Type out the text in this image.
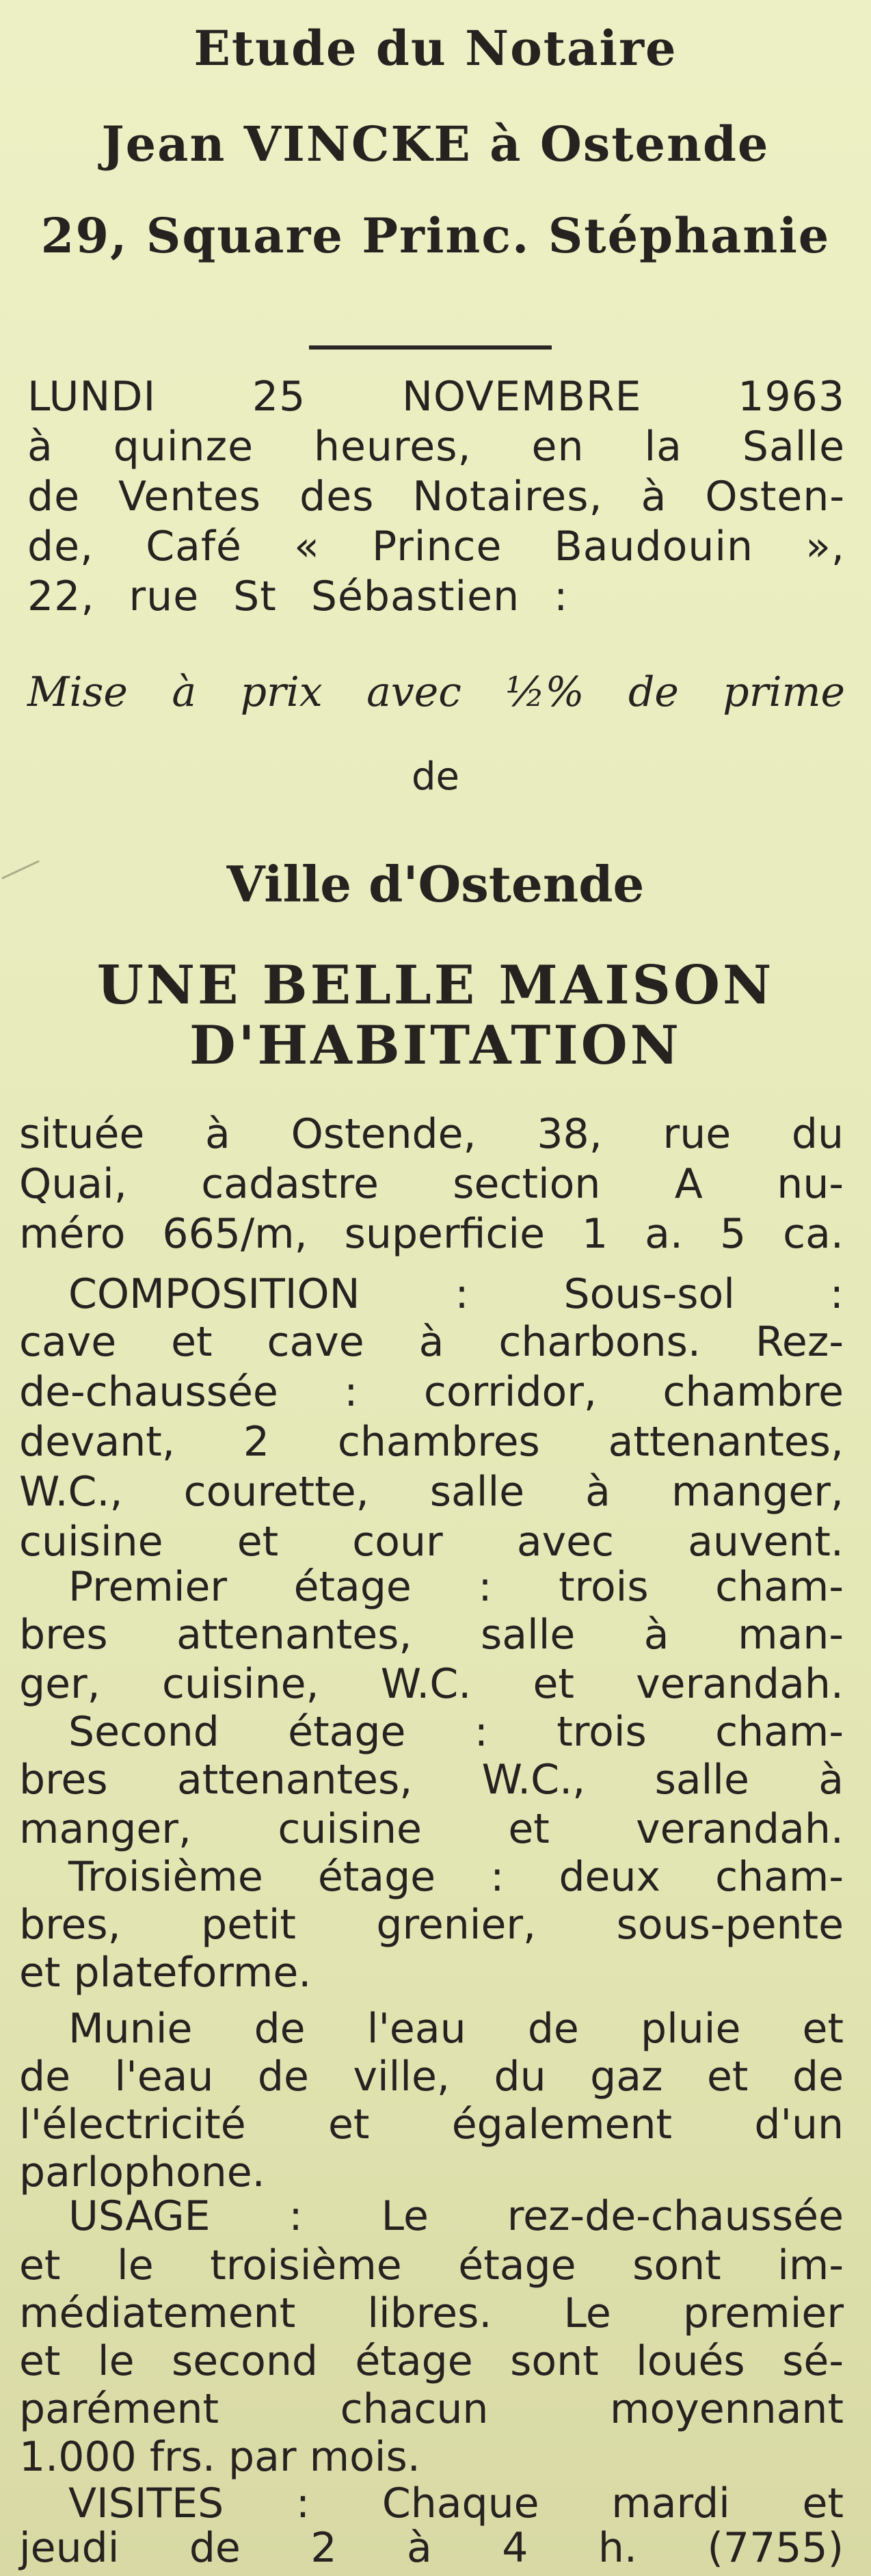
Etude du Notaire

Jean VINCKE à Ostende

29, Square Princ. Stéphanie

LUNDI 25 NOVEMBRE 1963

à quinze heures, en la Salle

de Ventes des Notaires, à Osten-

de, Café « Prince Baudouin »,

22, rue St Sébastien :

Mise à prix avec ½% de prime

de

Ville d'Ostende

UNE BELLE MAISON

D'HABITATION

située à Ostende, 38, rue du

Quai, cadastre section A nu-

méro 665/m, superficie 1 a. 5 ca.

COMPOSITION : Sous-sol :

cave et cave à charbons. Rez-

de-chaussée : corridor, chambre

devant, 2 chambres attenantes,

W.C., courette, salle à manger,

cuisine et cour avec auvent.

Premier étage : trois cham-

bres attenantes, salle à man-

ger, cuisine, W.C. et verandah.

Second étage : trois cham-

bres attenantes, W.C., salle à

manger, cuisine et verandah.

Troisième étage : deux cham-

bres, petit grenier, sous-pente

et plateforme.

Munie de l'eau de pluie et

de l'eau de ville, du gaz et de

l'électricité et également d'un

parlophone.

USAGE : Le rez-de-chaussée

et le troisième étage sont im-

médiatement libres. Le premier

et le second étage sont loués sé-

parément chacun moyennant

1.000 frs. par mois.

VISITES : Chaque mardi et

jeudi de 2 à 4 h. (7755)
